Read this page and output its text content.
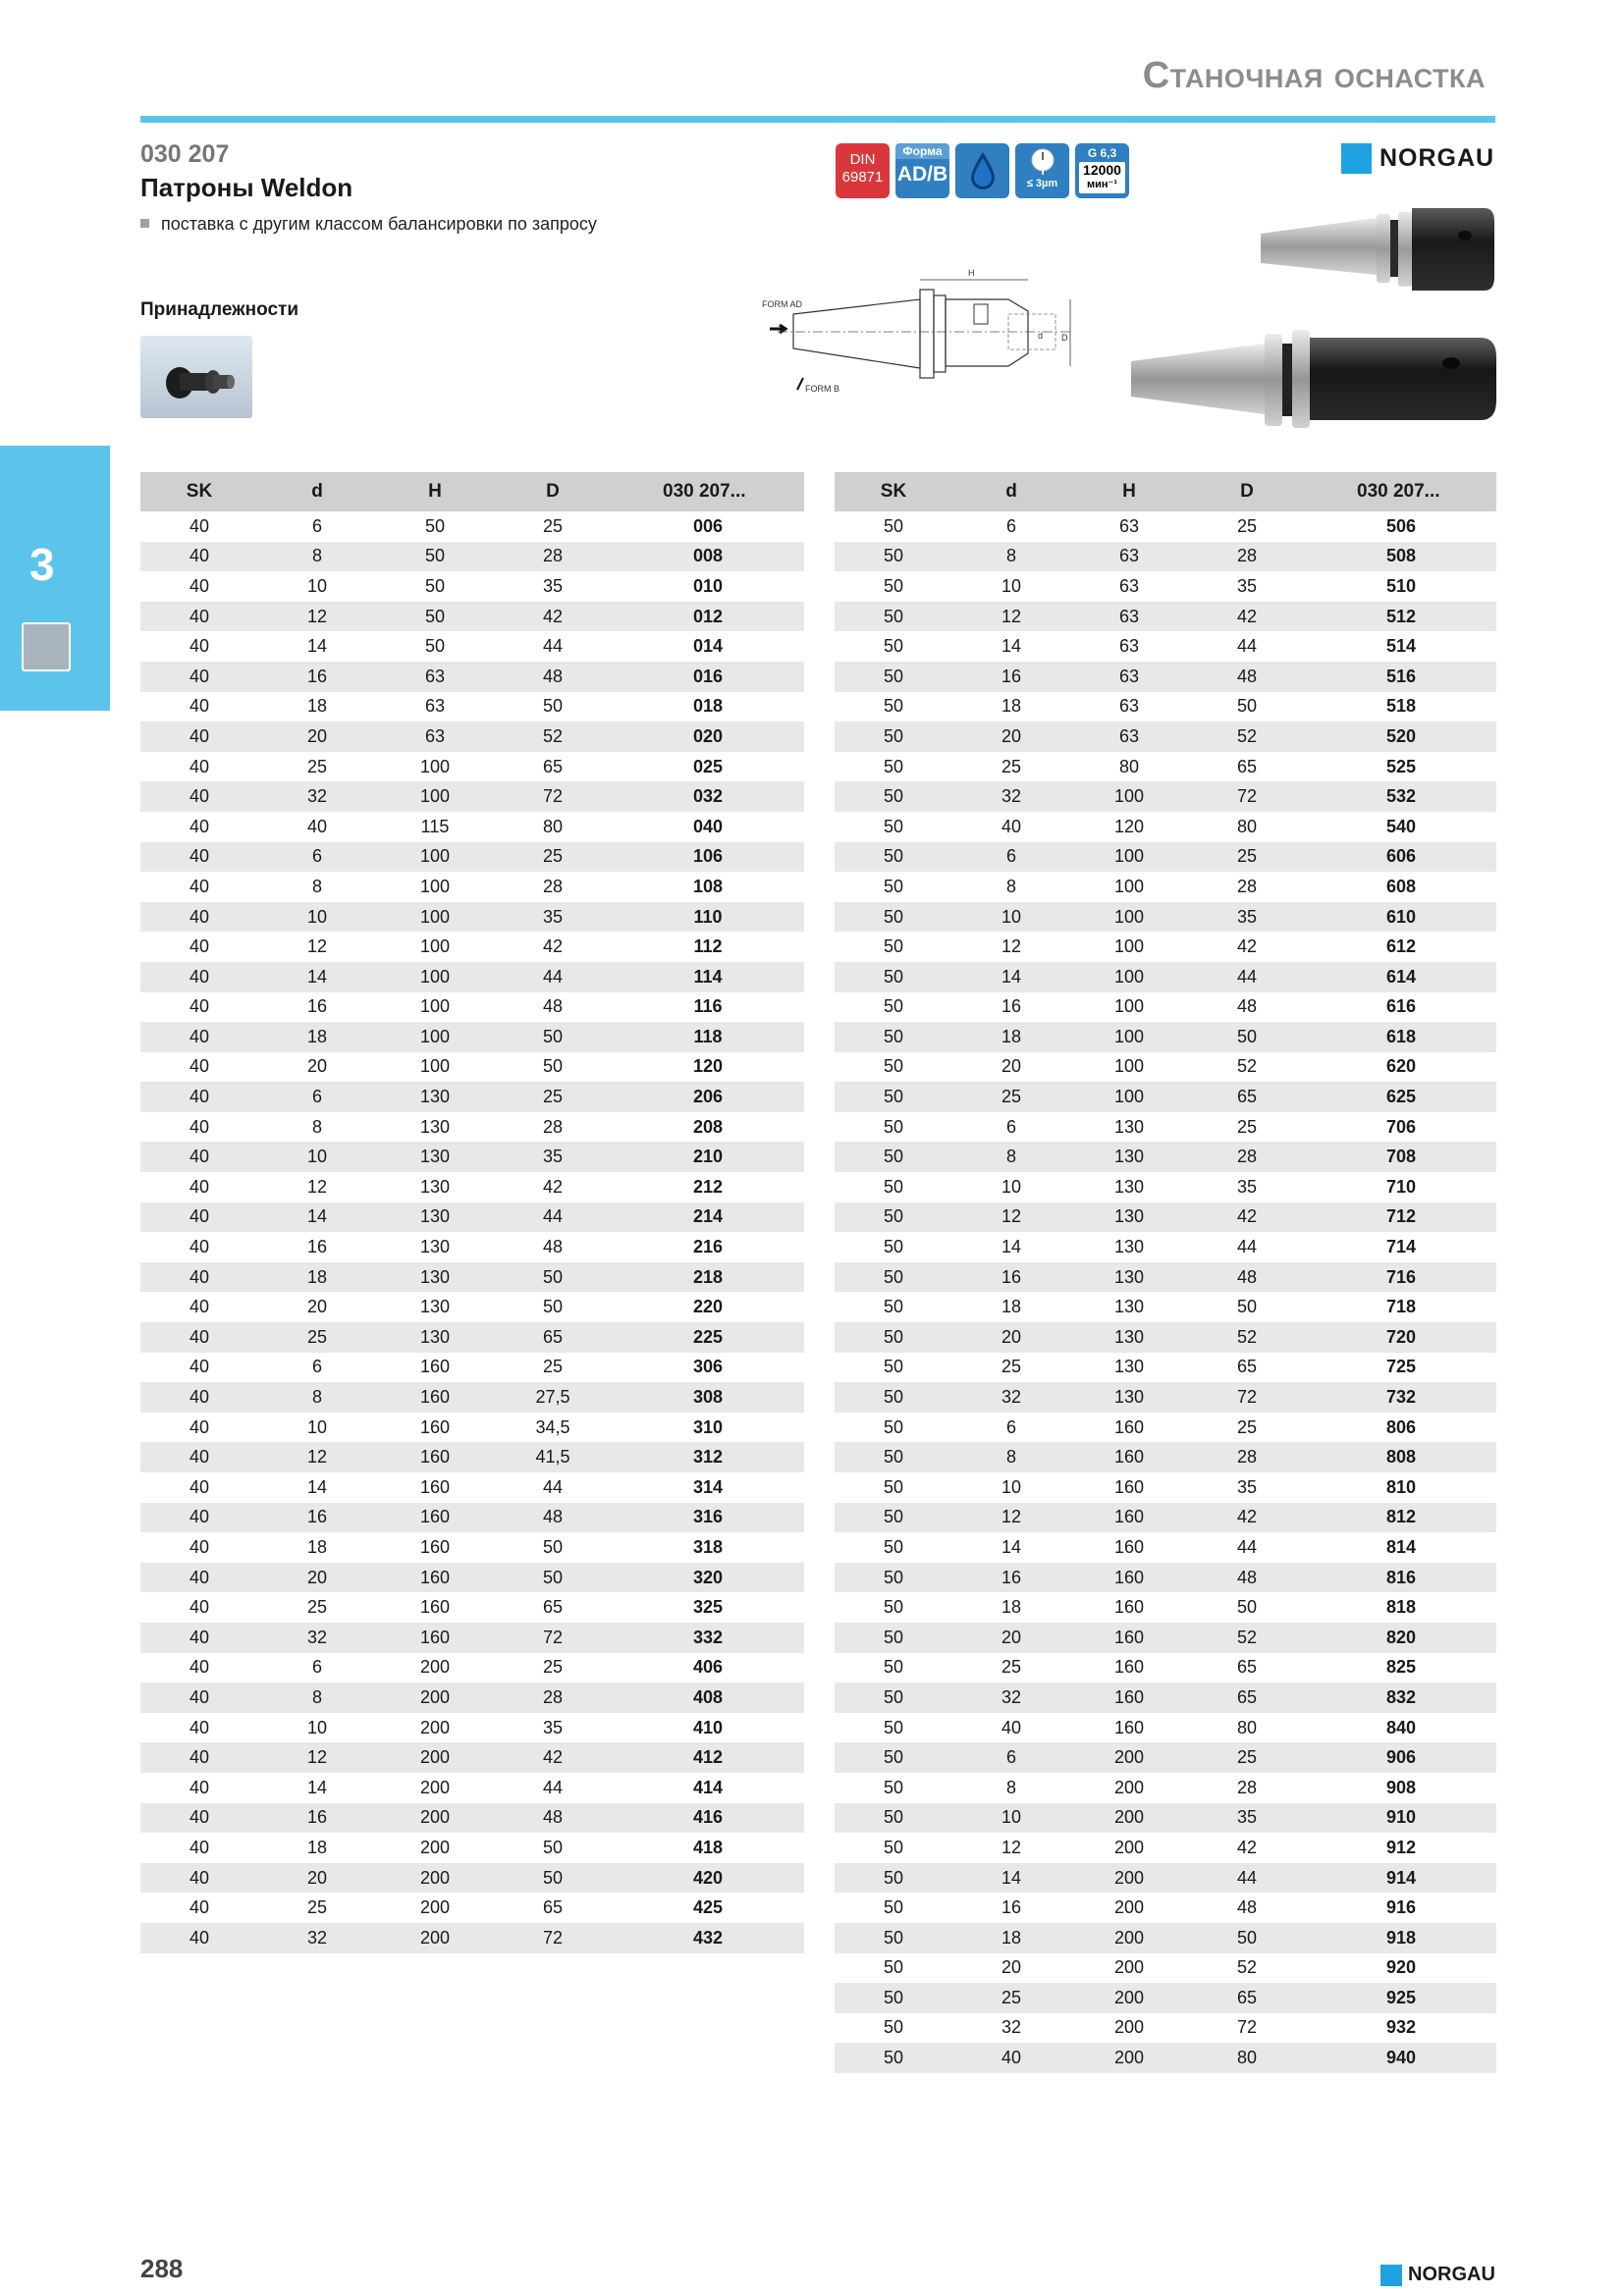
Станочная оснастка
030 207
Патроны Weldon
поставка с другим классом балансировки по запросу
Принадлежности
DIN
69871
Форма
AD/B	≤ 3µm
G 6,3
12000
мин⁻¹
NORGAU
FORM AD
FORM B
H
D
d
3
SK	d	H	D	030 207...
40	6	50	25	006
40	8	50	28	008
40	10	50	35	010
40	12	50	42	012
40	14	50	44	014
40	16	63	48	016
40	18	63	50	018
40	20	63	52	020
40	25	100	65	025
40	32	100	72	032
40	40	115	80	040
40	6	100	25	106
40	8	100	28	108
40	10	100	35	110
40	12	100	42	112
40	14	100	44	114
40	16	100	48	116
40	18	100	50	118
40	20	100	50	120
40	6	130	25	206
40	8	130	28	208
40	10	130	35	210
40	12	130	42	212
40	14	130	44	214
40	16	130	48	216
40	18	130	50	218
40	20	130	50	220
40	25	130	65	225
40	6	160	25	306
40	8	160	27,5	308
40	10	160	34,5	310
40	12	160	41,5	312
40	14	160	44	314
40	16	160	48	316
40	18	160	50	318
40	20	160	50	320
40	25	160	65	325
40	32	160	72	332
40	6	200	25	406
40	8	200	28	408
40	10	200	35	410
40	12	200	42	412
40	14	200	44	414
40	16	200	48	416
40	18	200	50	418
40	20	200	50	420
40	25	200	65	425
40	32	200	72	432
SK	d	H	D	030 207...
50	6	63	25	506
50	8	63	28	508
50	10	63	35	510
50	12	63	42	512
50	14	63	44	514
50	16	63	48	516
50	18	63	50	518
50	20	63	52	520
50	25	80	65	525
50	32	100	72	532
50	40	120	80	540
50	6	100	25	606
50	8	100	28	608
50	10	100	35	610
50	12	100	42	612
50	14	100	44	614
50	16	100	48	616
50	18	100	50	618
50	20	100	52	620
50	25	100	65	625
50	6	130	25	706
50	8	130	28	708
50	10	130	35	710
50	12	130	42	712
50	14	130	44	714
50	16	130	48	716
50	18	130	50	718
50	20	130	52	720
50	25	130	65	725
50	32	130	72	732
50	6	160	25	806
50	8	160	28	808
50	10	160	35	810
50	12	160	42	812
50	14	160	44	814
50	16	160	48	816
50	18	160	50	818
50	20	160	52	820
50	25	160	65	825
50	32	160	65	832
50	40	160	80	840
50	6	200	25	906
50	8	200	28	908
50	10	200	35	910
50	12	200	42	912
50	14	200	44	914
50	16	200	48	916
50	18	200	50	918
50	20	200	52	920
50	25	200	65	925
50	32	200	72	932
50	40	200	80	940
288	NORGAU
